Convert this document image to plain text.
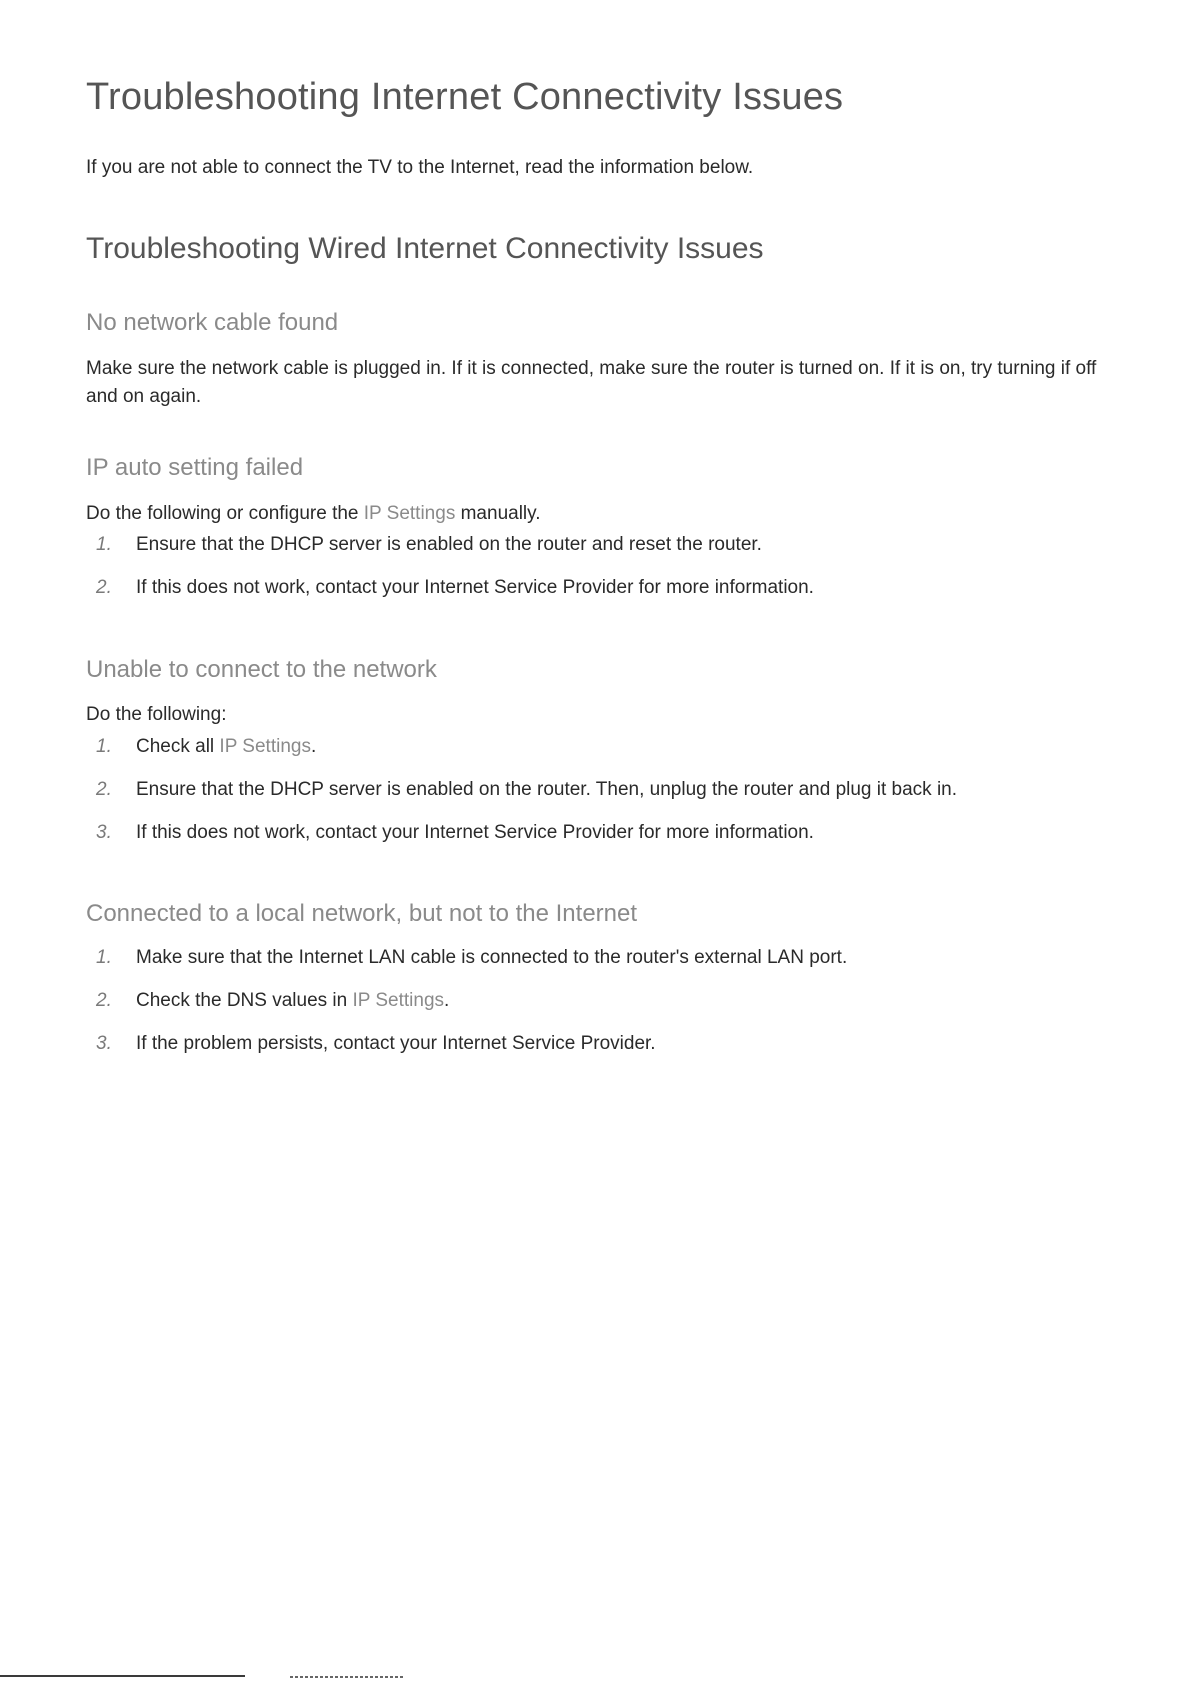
Troubleshooting Internet Connectivity Issues
If you are not able to connect the TV to the Internet, read the information below.
Troubleshooting Wired Internet Connectivity Issues
No network cable found
Make sure the network cable is plugged in. If it is connected, make sure the router is turned on. If it is on, try turning if off and on again.
IP auto setting failed
Do the following or configure the IP Settings manually.
1. Ensure that the DHCP server is enabled on the router and reset the router.
2. If this does not work, contact your Internet Service Provider for more information.
Unable to connect to the network
Do the following:
1. Check all IP Settings.
2. Ensure that the DHCP server is enabled on the router. Then, unplug the router and plug it back in.
3. If this does not work, contact your Internet Service Provider for more information.
Connected to a local network, but not to the Internet
1. Make sure that the Internet LAN cable is connected to the router's external LAN port.
2. Check the DNS values in IP Settings.
3. If the problem persists, contact your Internet Service Provider.
